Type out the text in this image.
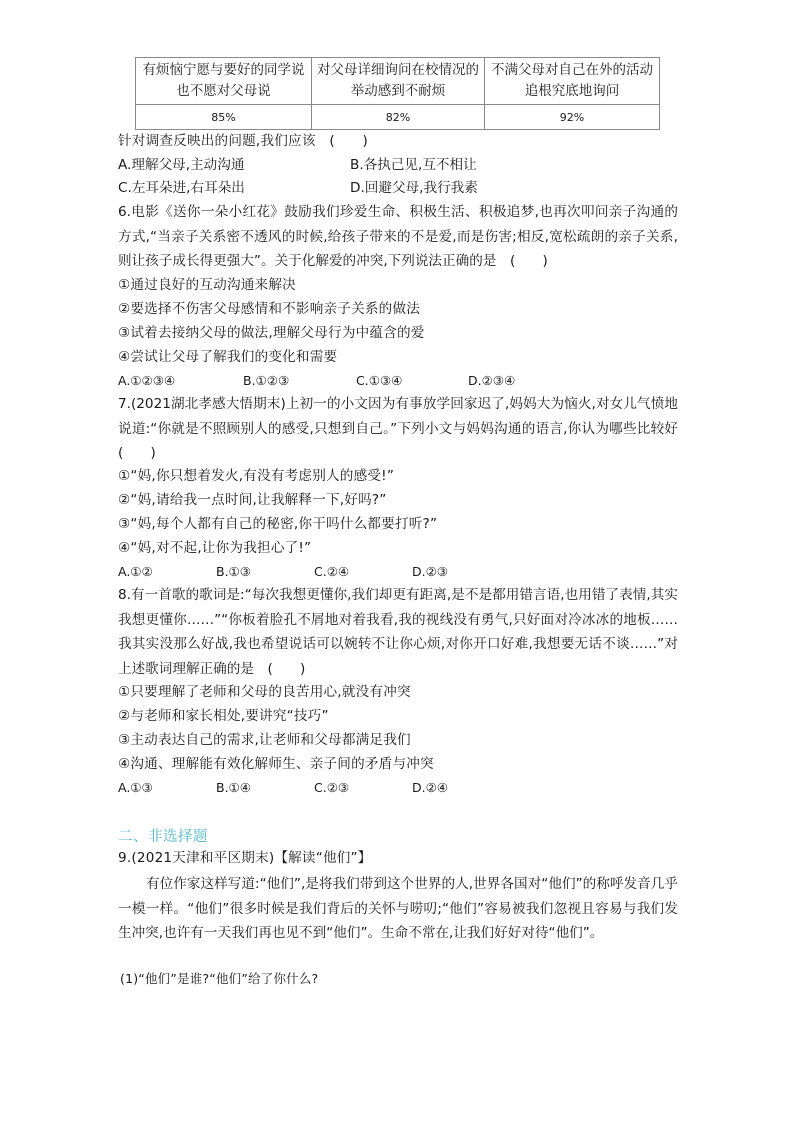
有烦恼宁愿与要好的同学说也不愿对父母说	对父母详细询问在校情况的举动感到不耐烦	不满父母对自己在外的活动追根究底地询问
85%	82%	92%
针对调查反映出的问题,我们应该　(　　)
A.理解父母,主动沟通	B.各执己见,互不相让
C.左耳朵进,右耳朵出	D.回避父母,我行我素
6.电影《送你一朵小红花》鼓励我们珍爱生命、积极生活、积极追梦,也再次叩问亲子沟通的方式,“当亲子关系密不透风的时候,给孩子带来的不是爱,而是伤害;相反,宽松疏朗的亲子关系,则让孩子成长得更强大”。关于化解爱的冲突,下列说法正确的是　(　　)
①通过良好的互动沟通来解决
②要选择不伤害父母感情和不影响亲子关系的做法
③试着去接纳父母的做法,理解父母行为中蕴含的爱
④尝试让父母了解我们的变化和需要
A.①②③④	B.①②③	C.①③④	D.②③④
7.(2021湖北孝感大悟期末)上初一的小文因为有事放学回家迟了,妈妈大为恼火,对女儿气愤地说道:“你就是不照顾别人的感受,只想到自己。”下列小文与妈妈沟通的语言,你认为哪些比较好　(　　)
①“妈,你只想着发火,有没有考虑别人的感受!”
②“妈,请给我一点时间,让我解释一下,好吗?”
③“妈,每个人都有自己的秘密,你干吗什么都要打听?”
④“妈,对不起,让你为我担心了!”
A.①②	B.①③	C.②④	D.②③
8.有一首歌的歌词是:“每次我想更懂你,我们却更有距离,是不是都用错言语,也用错了表情,其实我想更懂你……”“你板着脸孔不屑地对着我看,我的视线没有勇气,只好面对冷冰冰的地板……我其实没那么好战,我也希望说话可以婉转不让你心烦,对你开口好难,我想要无话不谈……”对上述歌词理解正确的是　(　　)
①只要理解了老师和父母的良苦用心,就没有冲突
②与老师和家长相处,要讲究“技巧”
③主动表达自己的需求,让老师和父母都满足我们
④沟通、理解能有效化解师生、亲子间的矛盾与冲突
A.①③	B.①④	C.②③	D.②④
二、非选择题
9.(2021天津和平区期末)【解读“他们”】
有位作家这样写道:“他们”,是将我们带到这个世界的人,世界各国对“他们”的称呼发音几乎一模一样。“他们”很多时候是我们背后的关怀与唠叨;“他们”容易被我们忽视且容易与我们发生冲突,也许有一天我们再也见不到“他们”。生命不常在,让我们好好对待“他们”。
(1)“他们”是谁?“他们”给了你什么?
